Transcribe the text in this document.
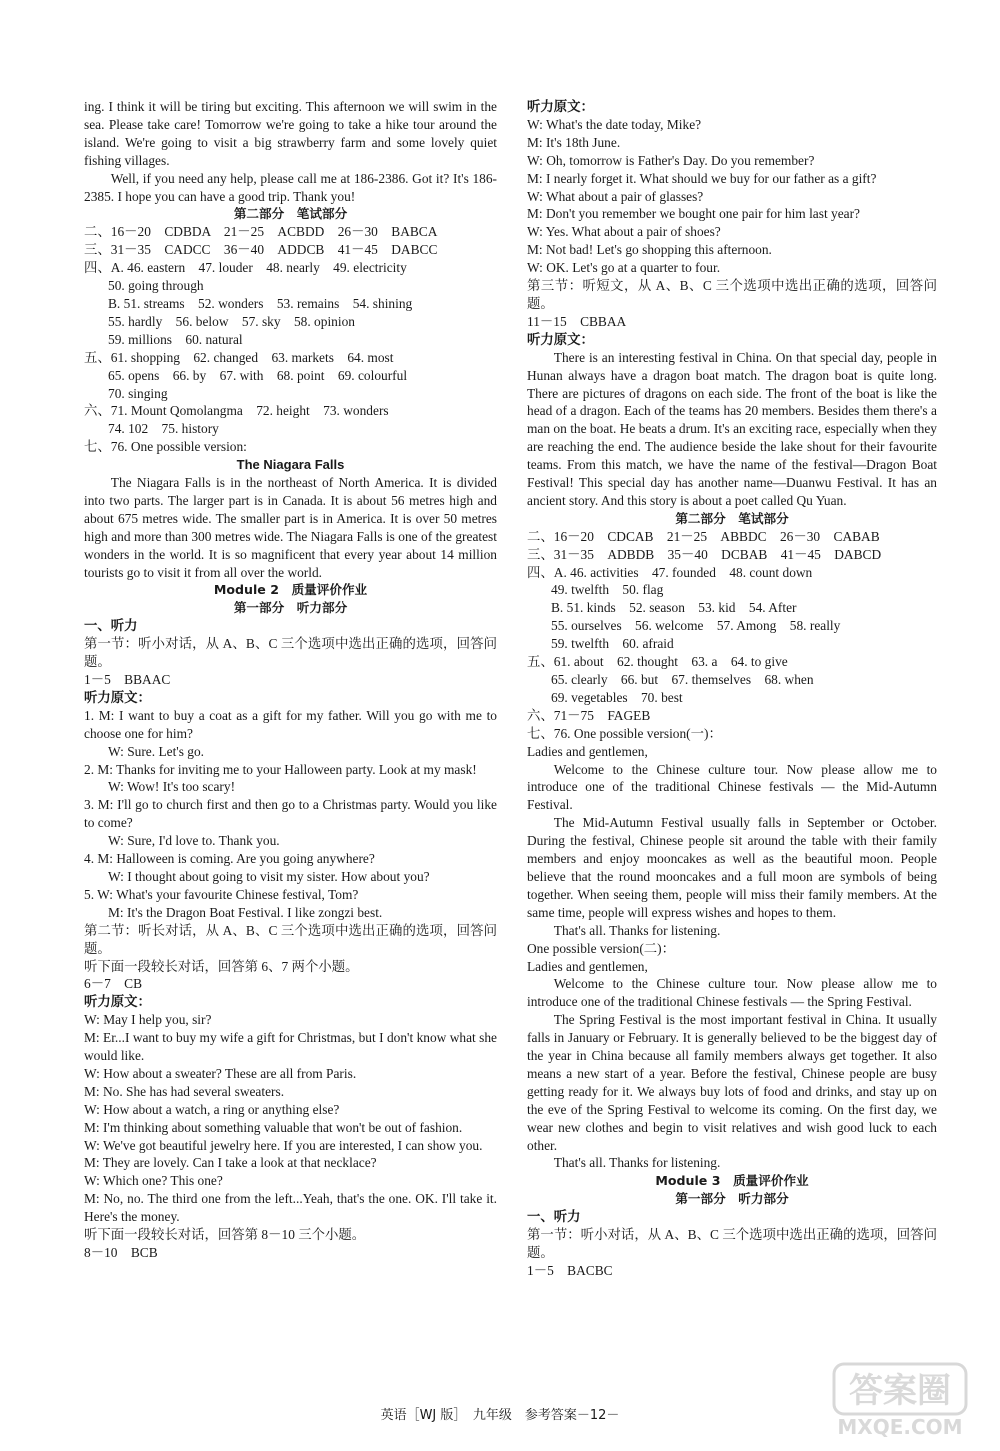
ing. I think it will be tiring but exciting. This afternoon we will swim in the sea. Please take care! Tomorrow we're going to take a hike tour around the island. We're going to visit a big strawberry farm and some lovely quiet fishing villages.
Well, if you need any help, please call me at 186-2386. Got it? It's 186-2385. I hope you can have a good trip. Thank you!
第二部分　笔试部分
二、16－20　CDBDA　21－25　ACBDD　26－30　BABCA
三、31－35　CADCC　36－40　ADDCB　41－45　DABCC
四、A. 46. eastern　47. louder　48. nearly　49. electricity
50. going through
B. 51. streams　52. wonders　53. remains　54. shining
55. hardly　56. below　57. sky　58. opinion
59. millions　60. natural
五、61. shopping　62. changed　63. markets　64. most
65. opens　66. by　67. with　68. point　69. colourful
70. singing
六、71. Mount Qomolangma　72. height　73. wonders
74. 102　75. history
七、76. One possible version:
The Niagara Falls
The Niagara Falls is in the northeast of North America. It is divided into two parts. The larger part is in Canada. It is about 56 metres high and about 675 metres wide. The smaller part is in America. It is over 50 metres high and more than 300 metres wide. The Niagara Falls is one of the greatest wonders in the world. It is so magnificent that every year about 14 million tourists go to visit it from all over the world.
Module 2　质量评价作业
第一部分　听力部分
一、听力
第一节：听小对话，从 A、B、C 三个选项中选出正确的选项，回答问题。
1－5　BBAAC
听力原文：
1. M: I want to buy a coat as a gift for my father. Will you go with me to choose one for him?
W: Sure. Let's go.
2. M: Thanks for inviting me to your Halloween party. Look at my mask!
W: Wow! It's too scary!
3. M: I'll go to church first and then go to a Christmas party. Would you like to come?
W: Sure, I'd love to. Thank you.
4. M: Halloween is coming. Are you going anywhere?
W: I thought about going to visit my sister. How about you?
5. W: What's your favourite Chinese festival, Tom?
M: It's the Dragon Boat Festival. I like zongzi best.
第二节：听长对话，从 A、B、C 三个选项中选出正确的选项，回答问题。
听下面一段较长对话，回答第 6、7 两个小题。
6－7　CB
听力原文：
W: May I help you, sir?
M: Er...I want to buy my wife a gift for Christmas, but I don't know what she would like.
W: How about a sweater? These are all from Paris.
M: No. She has had several sweaters.
W: How about a watch, a ring or anything else?
M: I'm thinking about something valuable that won't be out of fashion.
W: We've got beautiful jewelry here. If you are interested, I can show you.
M: They are lovely. Can I take a look at that necklace?
W: Which one? This one?
M: No, no. The third one from the left...Yeah, that's the one. OK. I'll take it. Here's the money.
听下面一段较长对话，回答第 8－10 三个小题。
8－10　BCB
听力原文：
W: What's the date today, Mike?
M: It's 18th June.
W: Oh, tomorrow is Father's Day. Do you remember?
M: I nearly forget it. What should we buy for our father as a gift?
W: What about a pair of glasses?
M: Don't you remember we bought one pair for him last year?
W: Yes. What about a pair of shoes?
M: Not bad! Let's go shopping this afternoon.
W: OK. Let's go at a quarter to four.
第三节：听短文，从 A、B、C 三个选项中选出正确的选项，回答问题。
11－15　CBBAA
听力原文：
There is an interesting festival in China. On that special day, people in Hunan always have a dragon boat match. The dragon boat is quite long. There are pictures of dragons on each side. The front of the boat is like the head of a dragon. Each of the teams has 20 members. Besides them there's a man on the boat. He beats a drum. It's an exciting race, especially when they are reaching the end. The audience beside the lake shout for their favourite teams. From this match, we have the name of the festival—Dragon Boat Festival! This special day has another name—Duanwu Festival. It has an ancient story. And this story is about a poet called Qu Yuan.
第二部分　笔试部分
二、16－20　CDCAB　21－25　ABBDC　26－30　CABAB
三、31－35　ADBDB　35－40　DCBAB　41－45　DABCD
四、A. 46. activities　47. founded　48. count down
49. twelfth　50. flag
B. 51. kinds　52. season　53. kid　54. After
55. ourselves　56. welcome　57. Among　58. really
59. twelfth　60. afraid
五、61. about　62. thought　63. a　64. to give
65. clearly　66. but　67. themselves　68. when
69. vegetables　70. best
六、71－75　FAGEB
七、76. One possible version(一)：
Ladies and gentlemen,
Welcome to the Chinese culture tour. Now please allow me to introduce one of the traditional Chinese festivals — the Mid-Autumn Festival.
The Mid-Autumn Festival usually falls in September or October. During the festival, Chinese people sit around the table with their family members and enjoy mooncakes as well as the beautiful moon. People believe that the round mooncakes and a full moon are symbols of being together. When seeing them, people will miss their family members. At the same time, people will express wishes and hopes to them.
That's all. Thanks for listening.
One possible version(二)：
Ladies and gentlemen,
Welcome to the Chinese culture tour. Now please allow me to introduce one of the traditional Chinese festivals — the Spring Festival.
The Spring Festival is the most important festival in China. It usually falls in January or February. It is generally believed to be the biggest day of the year in China because all family members always get together. It also means a new start of a year. Before the festival, Chinese people are busy getting ready for it. We always buy lots of food and drinks, and stay up on the eve of the Spring Festival to welcome its coming. On the first day, we wear new clothes and begin to visit relatives and wish good luck to each other.
That's all. Thanks for listening.
Module 3　质量评价作业
第一部分　听力部分
一、听力
第一节：听小对话，从 A、B、C 三个选项中选出正确的选项，回答问题。
1－5　BACBC
英语［WJ 版］　九年级　参考答案－12－
答案圈
MXQE.COM
